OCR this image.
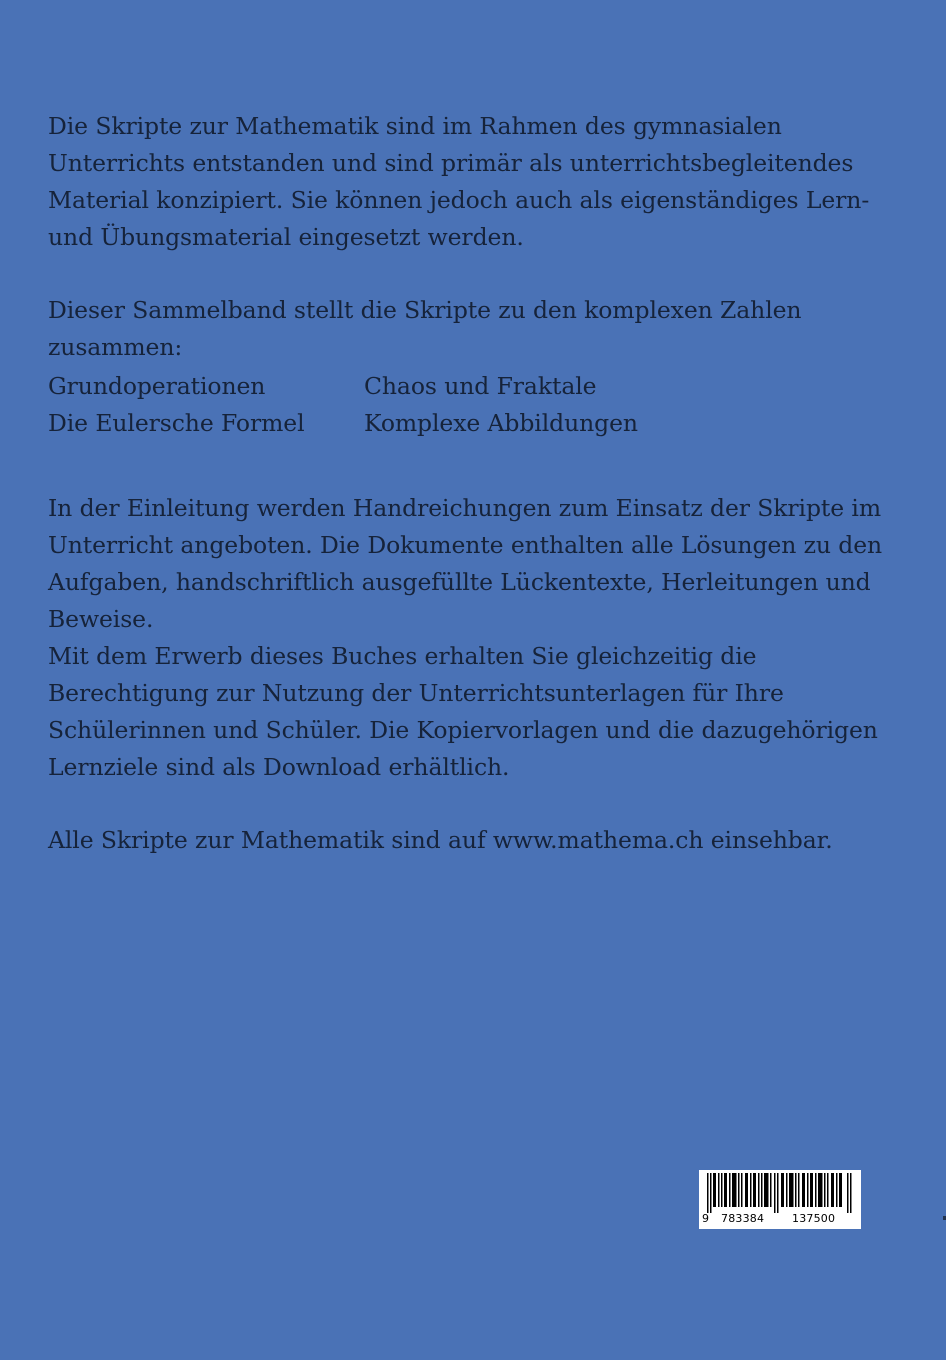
Die Skripte zur Mathematik sind im Rahmen des gymnasialen Unterrichts entstanden und sind primär als unterrichtsbegleitendes Material konzipiert. Sie können jedoch auch als eigenständiges Lern- und Übungsmaterial eingesetzt werden.

Dieser Sammelband stellt die Skripte zu den komplexen Zahlen zusammen:

Grundoperationen	Chaos und Fraktale
Die Eulersche Formel	Komplexe Abbildungen

In der Einleitung werden Handreichungen zum Einsatz der Skripte im Unterricht angeboten. Die Dokumente enthalten alle Lösungen zu den Aufgaben, handschriftlich ausgefüllte Lückentexte, Herleitungen und Beweise.

Mit dem Erwerb dieses Buches erhalten Sie gleichzeitig die Berechtigung zur Nutzung der Unterrichtsunterlagen für Ihre Schülerinnen und Schüler. Die Kopiervorlagen und die dazugehörigen Lernziele sind als Download erhältlich.

Alle Skripte zur Mathematik sind auf www.mathema.ch einsehbar.

9 783384	137500
